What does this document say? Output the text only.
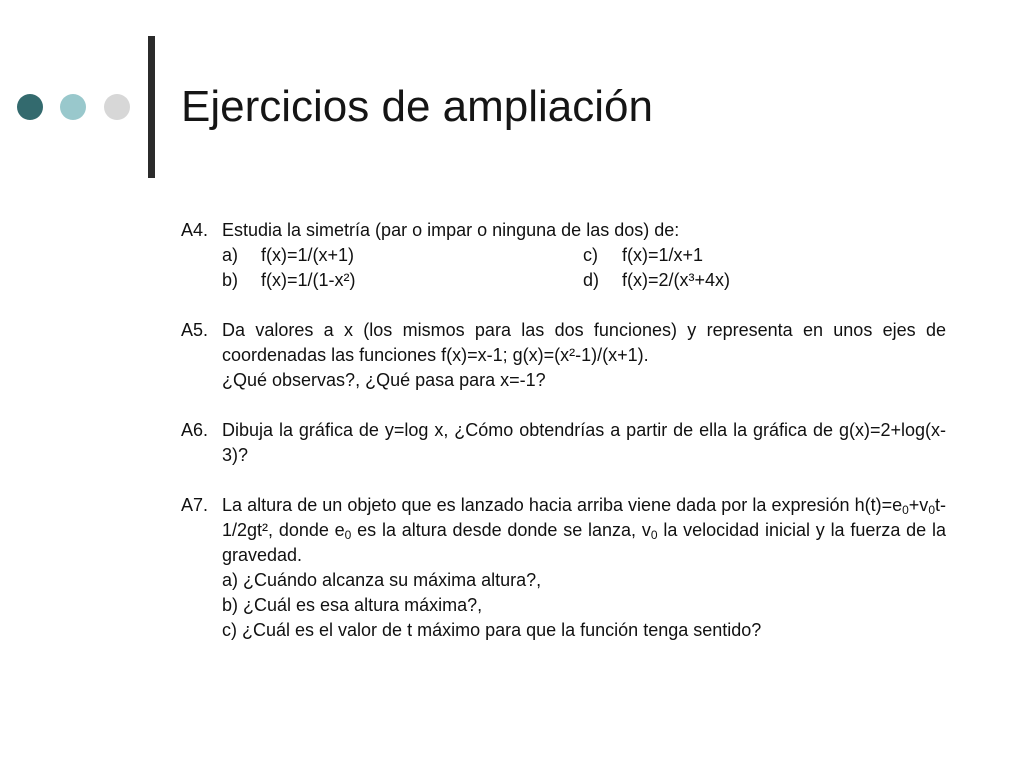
Ejercicios de ampliación
A4. Estudia la simetría (par o impar o ninguna de las dos) de:
a)	f(x)=1/(x+1)	c)	f(x)=1/x+1
b)	f(x)=1/(1-x²)	d)	f(x)=2/(x³+4x)
A5. Da valores a x (los mismos para las dos funciones) y representa en unos ejes de coordenadas las funciones f(x)=x-1; g(x)=(x²-1)/(x+1).
¿Qué observas?, ¿Qué pasa para x=-1?
A6. Dibuja la gráfica de y=log x, ¿Cómo obtendrías a partir de ella la gráfica de g(x)=2+log(x-3)?
A7. La altura de un objeto que es lanzado hacia arriba viene dada por la expresión $h(t)=e_0+v_0t-1/2gt^2$, donde $e_0$ es la altura desde donde se lanza, $v_0$ la velocidad inicial y la fuerza de la gravedad.
a) ¿Cuándo alcanza su máxima altura?,
b) ¿Cuál es esa altura máxima?,
c) ¿Cuál es el valor de t máximo para que la función tenga sentido?
